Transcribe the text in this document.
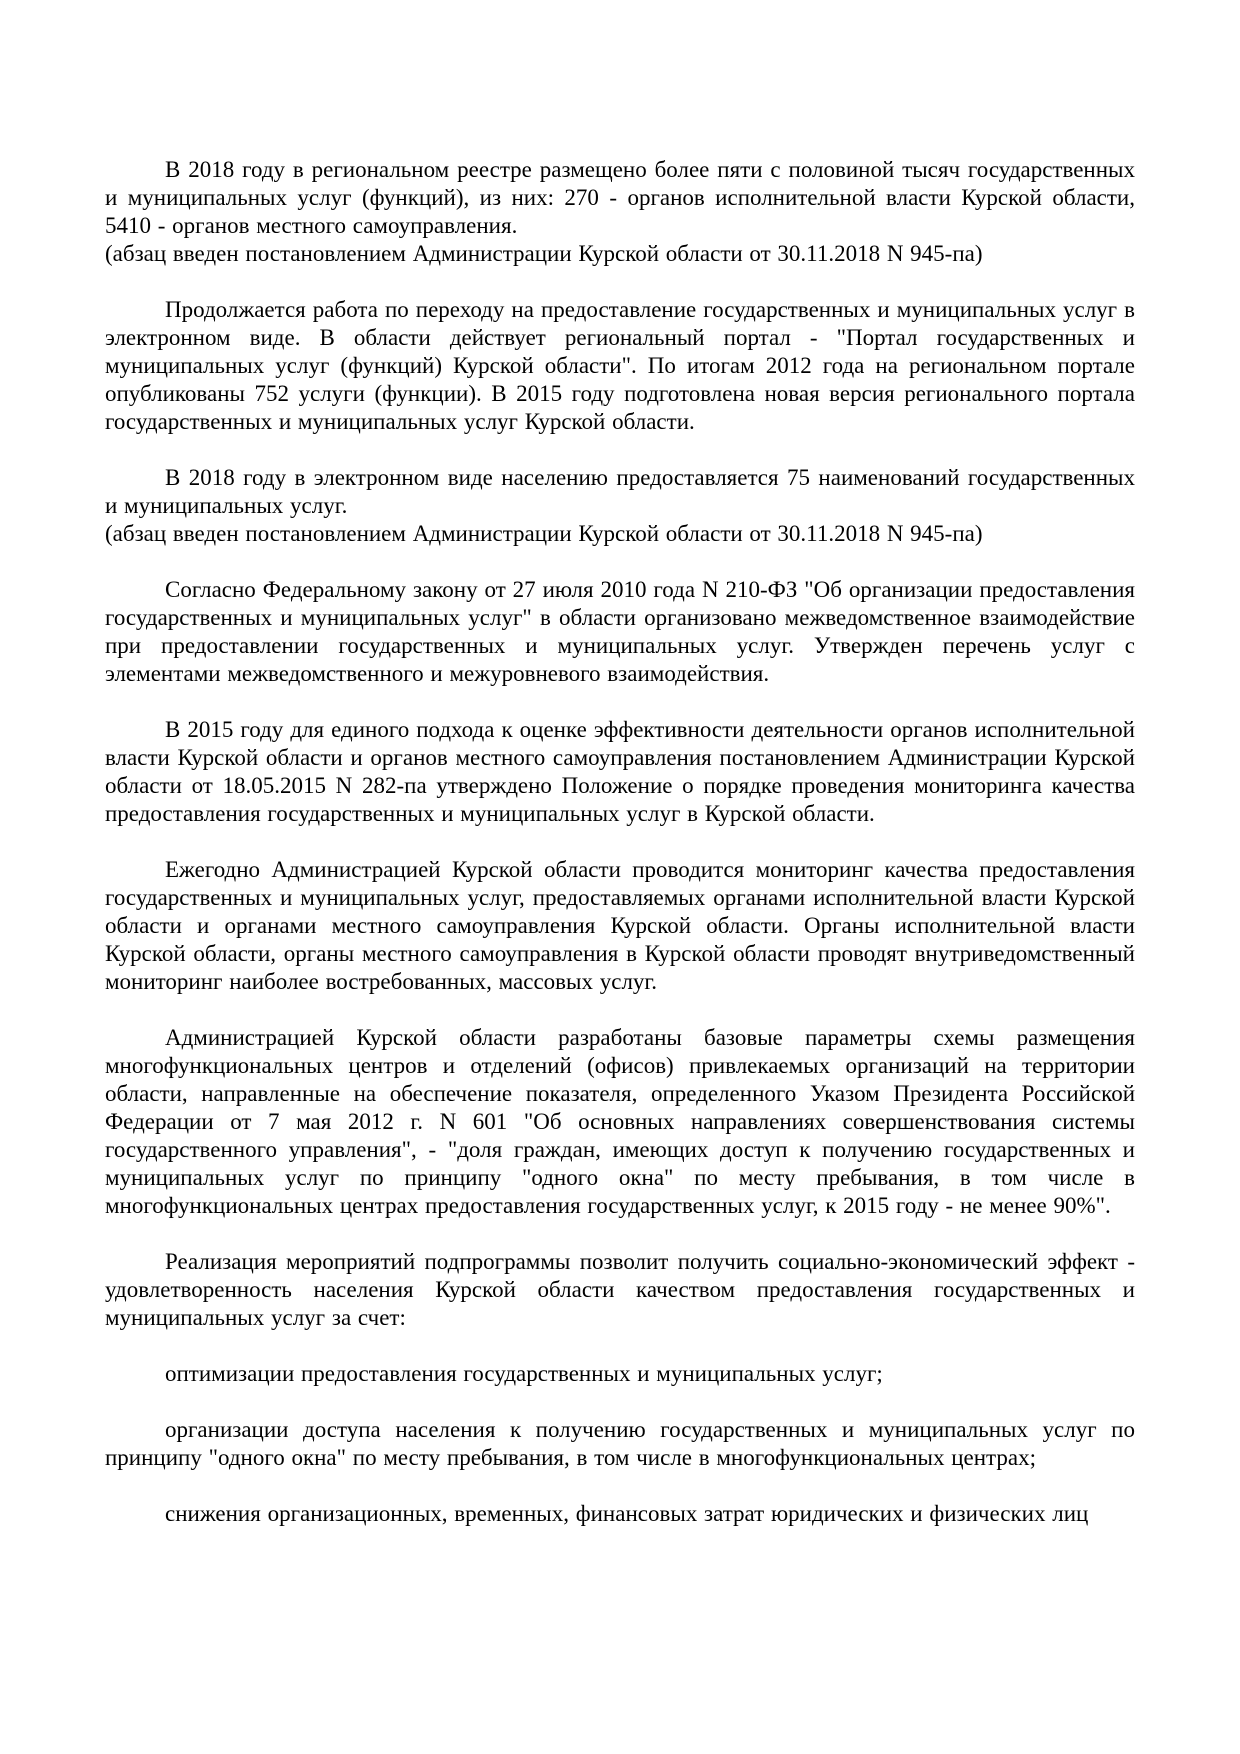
В 2018 году в региональном реестре размещено более пяти с половиной тысяч государственных и муниципальных услуг (функций), из них: 270 - органов исполнительной власти Курской области, 5410 - органов местного самоуправления.

(абзац введен постановлением Администрации Курской области от 30.11.2018 N 945-па)

Продолжается работа по переходу на предоставление государственных и муниципальных услуг в электронном виде. В области действует региональный портал - "Портал государственных и муниципальных услуг (функций) Курской области". По итогам 2012 года на региональном портале опубликованы 752 услуги (функции). В 2015 году подготовлена новая версия регионального портала государственных и муниципальных услуг Курской области.

В 2018 году в электронном виде населению предоставляется 75 наименований государственных и муниципальных услуг.

(абзац введен постановлением Администрации Курской области от 30.11.2018 N 945-па)

Согласно Федеральному закону от 27 июля 2010 года N 210-ФЗ "Об организации предоставления государственных и муниципальных услуг" в области организовано межведомственное взаимодействие при предоставлении государственных и муниципальных услуг. Утвержден перечень услуг с элементами межведомственного и межуровневого взаимодействия.

В 2015 году для единого подхода к оценке эффективности деятельности органов исполнительной власти Курской области и органов местного самоуправления постановлением Администрации Курской области от 18.05.2015 N 282-па утверждено Положение о порядке проведения мониторинга качества предоставления государственных и муниципальных услуг в Курской области.

Ежегодно Администрацией Курской области проводится мониторинг качества предоставления государственных и муниципальных услуг, предоставляемых органами исполнительной власти Курской области и органами местного самоуправления Курской области. Органы исполнительной власти Курской области, органы местного самоуправления в Курской области проводят внутриведомственный мониторинг наиболее востребованных, массовых услуг.

Администрацией Курской области разработаны базовые параметры схемы размещения многофункциональных центров и отделений (офисов) привлекаемых организаций на территории области, направленные на обеспечение показателя, определенного Указом Президента Российской Федерации от 7 мая 2012 г. N 601 "Об основных направлениях совершенствования системы государственного управления", - "доля граждан, имеющих доступ к получению государственных и муниципальных услуг по принципу "одного окна" по месту пребывания, в том числе в многофункциональных центрах предоставления государственных услуг, к 2015 году - не менее 90%".

Реализация мероприятий подпрограммы позволит получить социально-экономический эффект - удовлетворенность населения Курской области качеством предоставления государственных и муниципальных услуг за счет:

оптимизации предоставления государственных и муниципальных услуг;

организации доступа населения к получению государственных и муниципальных услуг по принципу "одного окна" по месту пребывания, в том числе в многофункциональных центрах;

снижения организационных, временных, финансовых затрат юридических и физических лиц
